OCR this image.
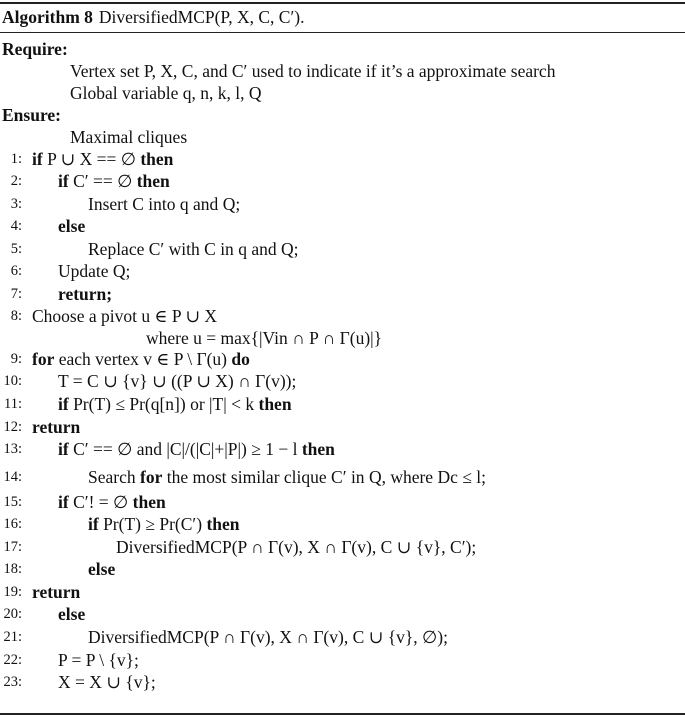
Algorithm 8 DiversifiedMCP(P, X, C, C′).
Require:
Vertex set P, X, C, and C′ used to indicate if it’s a approximate search
Global variable q, n, k, l, Q
Ensure:
Maximal cliques
1: if P ∪ X == ∅ then
2: if C′ == ∅ then
3:	Insert C into q and Q;
4: else
5:	Replace C′ with C in q and Q;
6: Update Q;
7: return;
8: Choose a pivot u ∈ P ∪ X
where u = max{|Vin ∩ P ∩ Γ(u)|}
9: for each vertex v ∈ P \ Γ(u) do
10: T = C ∪ {v} ∪ ((P ∪ X) ∩ Γ(v));
11: if Pr(T) ≤ Pr(q[n]) or |T| < k then
12: return
13: if C′ == ∅ and |C|/(|C|+|P|) ≥ 1 − l then
14:	Search for the most similar clique C′ in Q, where Dc ≤ l;
15: if C′! = ∅ then
16:	if Pr(T) ≥ Pr(C′) then
17:	DiversifiedMCP(P ∩ Γ(v), X ∩ Γ(v), C ∪ {v}, C′);
18:	else
19: return
20: else
21:	DiversifiedMCP(P ∩ Γ(v), X ∩ Γ(v), C ∪ {v}, ∅);
22: P = P \ {v};
23: X = X ∪ {v};
